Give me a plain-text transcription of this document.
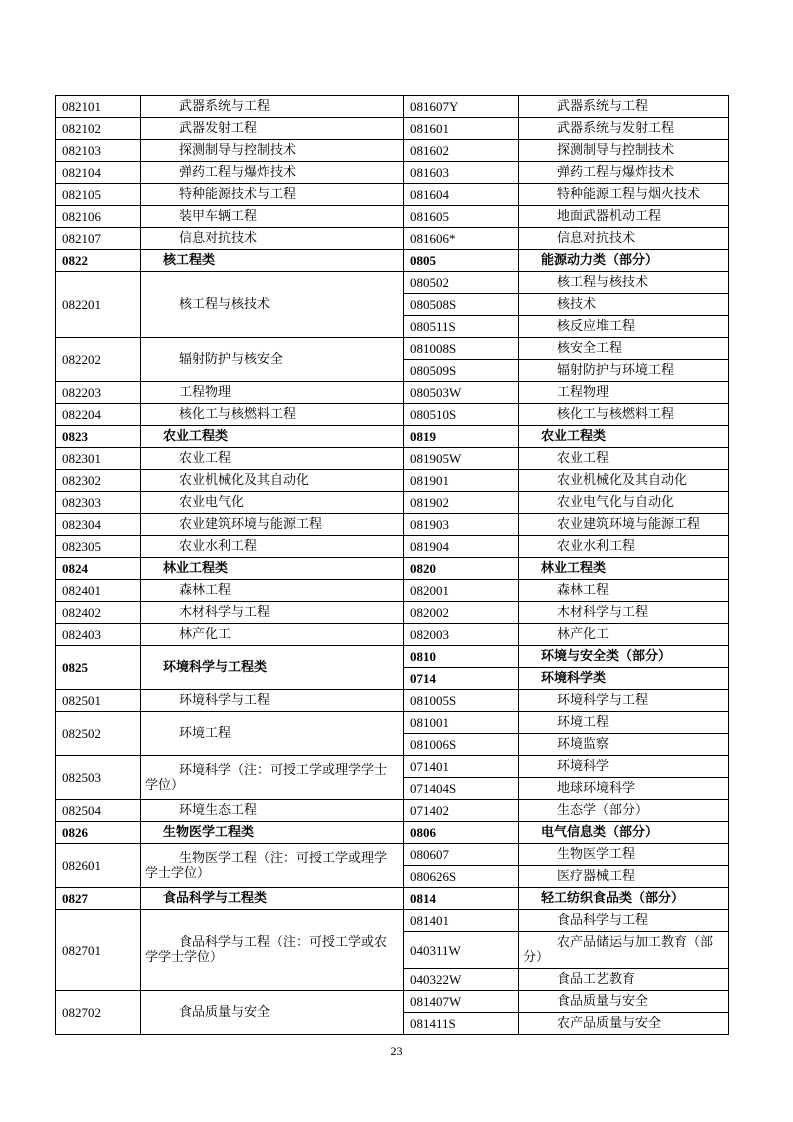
082101	武器系统与工程	081607Y	武器系统与工程
082102	武器发射工程	081601	武器系统与发射工程
082103	探测制导与控制技术	081602	探测制导与控制技术
082104	弹药工程与爆炸技术	081603	弹药工程与爆炸技术
082105	特种能源技术与工程	081604	特种能源工程与烟火技术
082106	装甲车辆工程	081605	地面武器机动工程
082107	信息对抗技术	081606*	信息对抗技术
0822	核工程类	0805	能源动力类（部分）
082201	核工程与核技术	080502	核工程与核技术
		080508S	核技术
		080511S	核反应堆工程
082202	辐射防护与核安全	081008S	核安全工程
		080509S	辐射防护与环境工程
082203	工程物理	080503W	工程物理
082204	核化工与核燃料工程	080510S	核化工与核燃料工程
0823	农业工程类	0819	农业工程类
082301	农业工程	081905W	农业工程
082302	农业机械化及其自动化	081901	农业机械化及其自动化
082303	农业电气化	081902	农业电气化与自动化
082304	农业建筑环境与能源工程	081903	农业建筑环境与能源工程
082305	农业水利工程	081904	农业水利工程
0824	林业工程类	0820	林业工程类
082401	森林工程	082001	森林工程
082402	木材科学与工程	082002	木材科学与工程
082403	林产化工	082003	林产化工
0825	环境科学与工程类	0810	环境与安全类（部分）
		0714	环境科学类
082501	环境科学与工程	081005S	环境科学与工程
082502	环境工程	081001	环境工程
		081006S	环境监察
082503	环境科学（注：可授工学或理学学士学位）	071401	环境科学
		071404S	地球环境科学
082504	环境生态工程	071402	生态学（部分）
0826	生物医学工程类	0806	电气信息类（部分）
082601	生物医学工程（注：可授工学或理学学士学位）	080607	生物医学工程
		080626S	医疗器械工程
0827	食品科学与工程类	0814	轻工纺织食品类（部分）
082701	食品科学与工程（注：可授工学或农学学士学位）	081401	食品科学与工程
		040311W	农产品储运与加工教育（部分）
		040322W	食品工艺教育
082702	食品质量与安全	081407W	食品质量与安全
		081411S	农产品质量与安全
23
